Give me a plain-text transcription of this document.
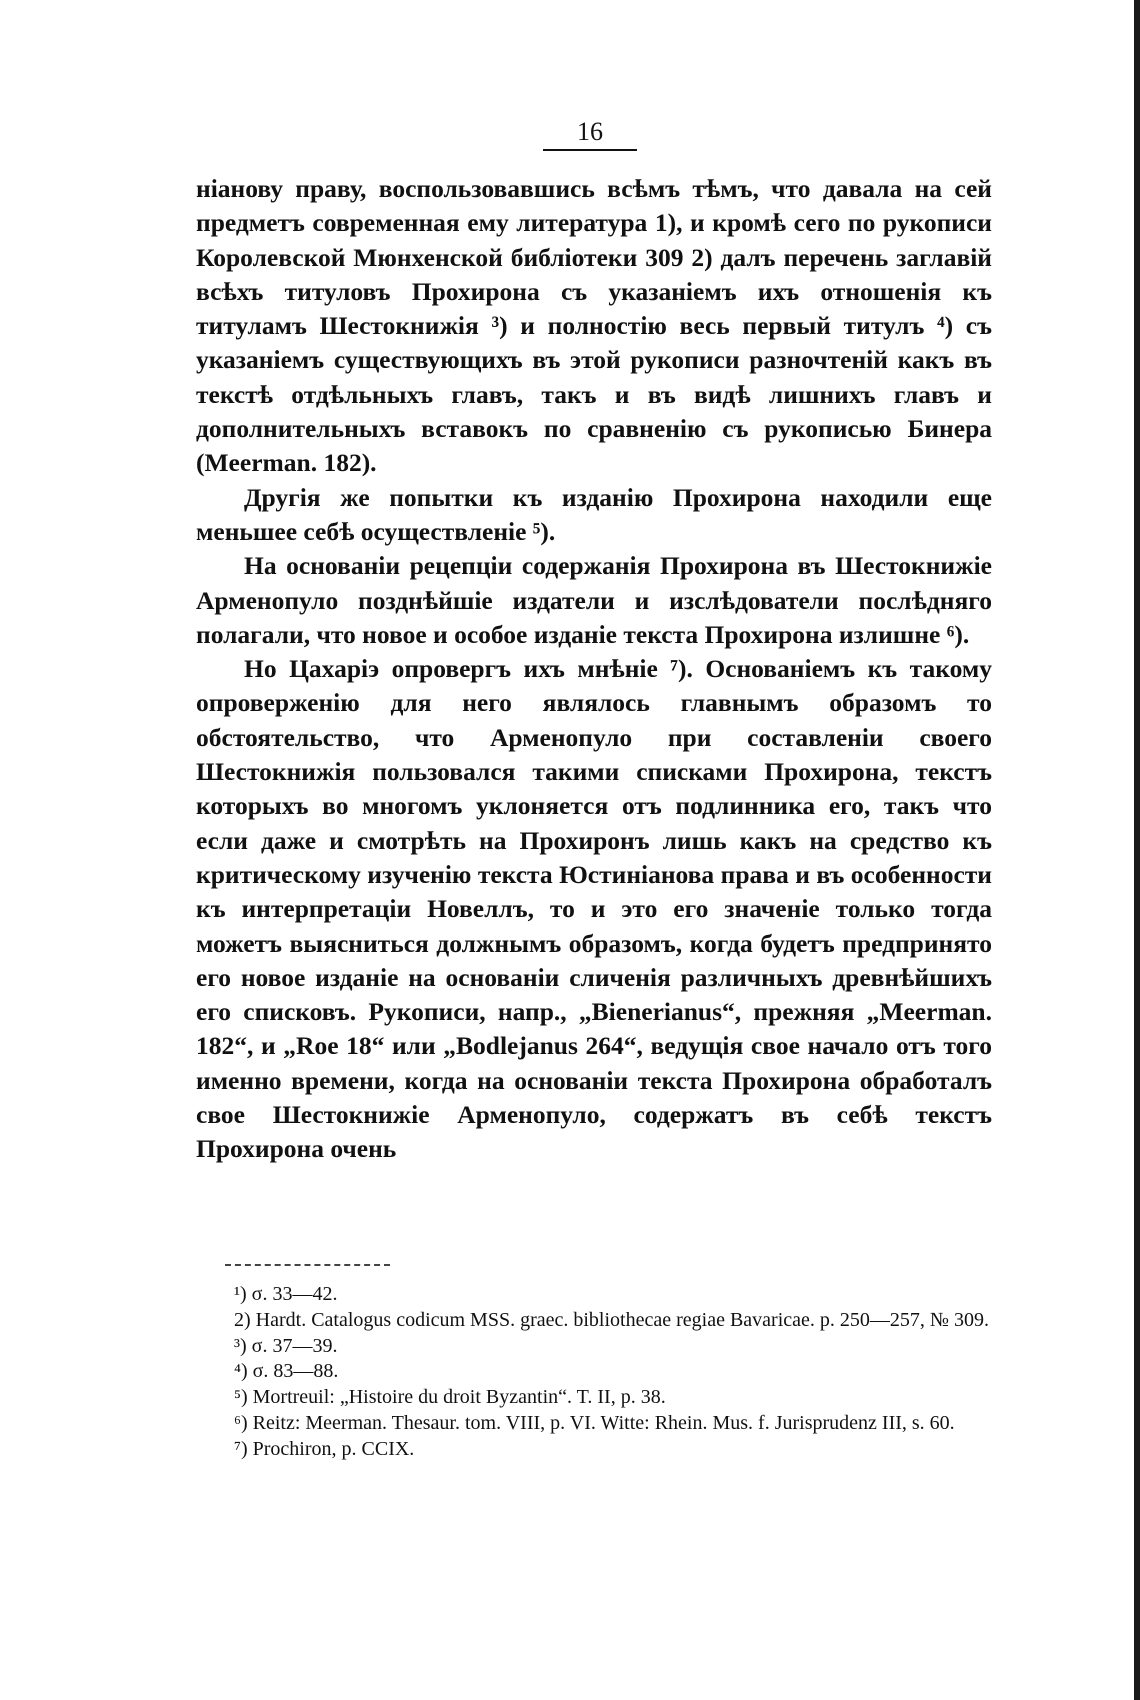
16

ніанову праву, воспользовавшись всѣмъ тѣмъ, что давала на сей предметъ современная ему литература 1), и кромѣ сего по рукописи Королевской Мюнхенской библіотеки 309 2) далъ перечень заглавій всѣхъ титуловъ Прохирона съ указаніемъ ихъ отношенія къ титуламъ Шестокнижія ³) и полностію весь первый титулъ ⁴) съ указаніемъ существующихъ въ этой рукописи разночтеній какъ въ текстѣ отдѣльныхъ главъ, такъ и въ видѣ лишнихъ главъ и дополнительныхъ вставокъ по сравненію съ рукописью Бинера (Meerman. 182).

Другія же попытки къ изданію Прохирона находили еще меньшее себѣ осуществленіе ⁵).

На основаніи рецепціи содержанія Прохирона въ Шестокнижіе Арменопуло позднѣйшіе издатели и изслѣдователи послѣдняго полагали, что новое и особое изданіе текста Прохирона излишне ⁶).

Но Цахаріэ опровергъ ихъ мнѣніе ⁷). Основаніемъ къ такому опроверженію для него являлось главнымъ образомъ то обстоятельство, что Арменопуло при составленіи своего Шестокнижія пользовался такими списками Прохирона, текстъ которыхъ во многомъ уклоняется отъ подлинника его, такъ что если даже и смотрѣть на Прохиронъ лишь какъ на средство къ критическому изученію текста Юстиніанова права и въ особенности къ интерпретаціи Новеллъ, то и это его значеніе только тогда можетъ выясниться должнымъ образомъ, когда будетъ предпринято его новое изданіе на основаніи сличенія различныхъ древнѣйшихъ его списковъ. Рукописи, напр., „Bienerianus“, прежняя „Meerman. 182“, и „Roe 18“ или „Bodlejanus 264“, ведущія свое начало отъ того именно времени, когда на основаніи текста Прохирона обработалъ свое Шестокнижіе Арменопуло, содержатъ въ себѣ текстъ Прохирона очень

¹) σ. 33—42.

2) Hardt. Catalogus codicum MSS. graec. bibliothecae regiae Bavaricae. p. 250—257, № 309.

³) σ. 37—39.

⁴) σ. 83—88.

⁵) Mortreuil: „Histoire du droit Byzantin“. T. II, p. 38.

⁶) Reitz: Meerman. Thesaur. tom. VIII, p. VI. Witte: Rhein. Mus. f. Jurisprudenz III, s. 60.

⁷) Prochiron, p. CCIX.
